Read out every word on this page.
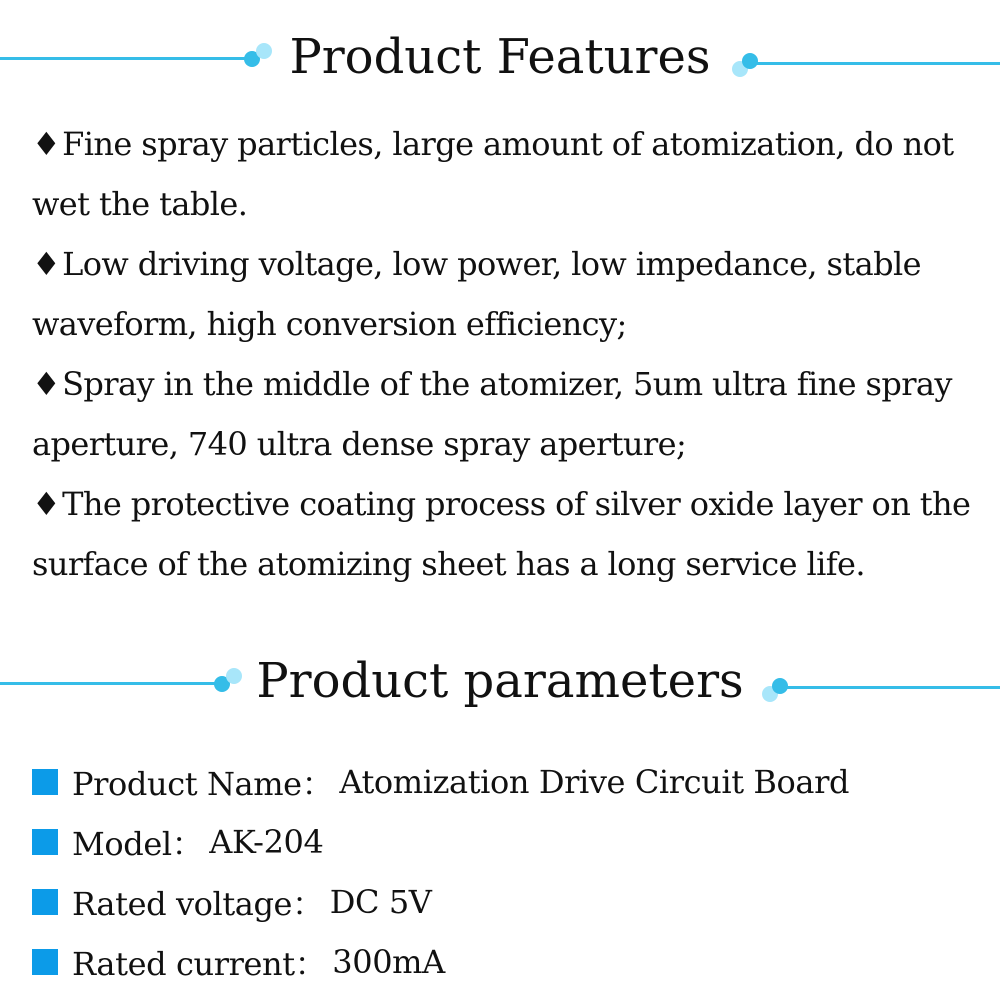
Product Features

♦Fine spray particles, large amount of atomization, do not wet the table.

♦Low driving voltage, low power, low impedance, stable waveform, high conversion efficiency;

♦Spray in the middle of the atomizer, 5um ultra fine spray aperture, 740 ultra dense spray aperture;

♦The protective coating process of silver oxide layer on the surface of the atomizing sheet has a long service life.

Product parameters
Product Name： Atomization Drive Circuit Board
Model： AK-204
Rated voltage： DC 5V
Rated current： 300mA
